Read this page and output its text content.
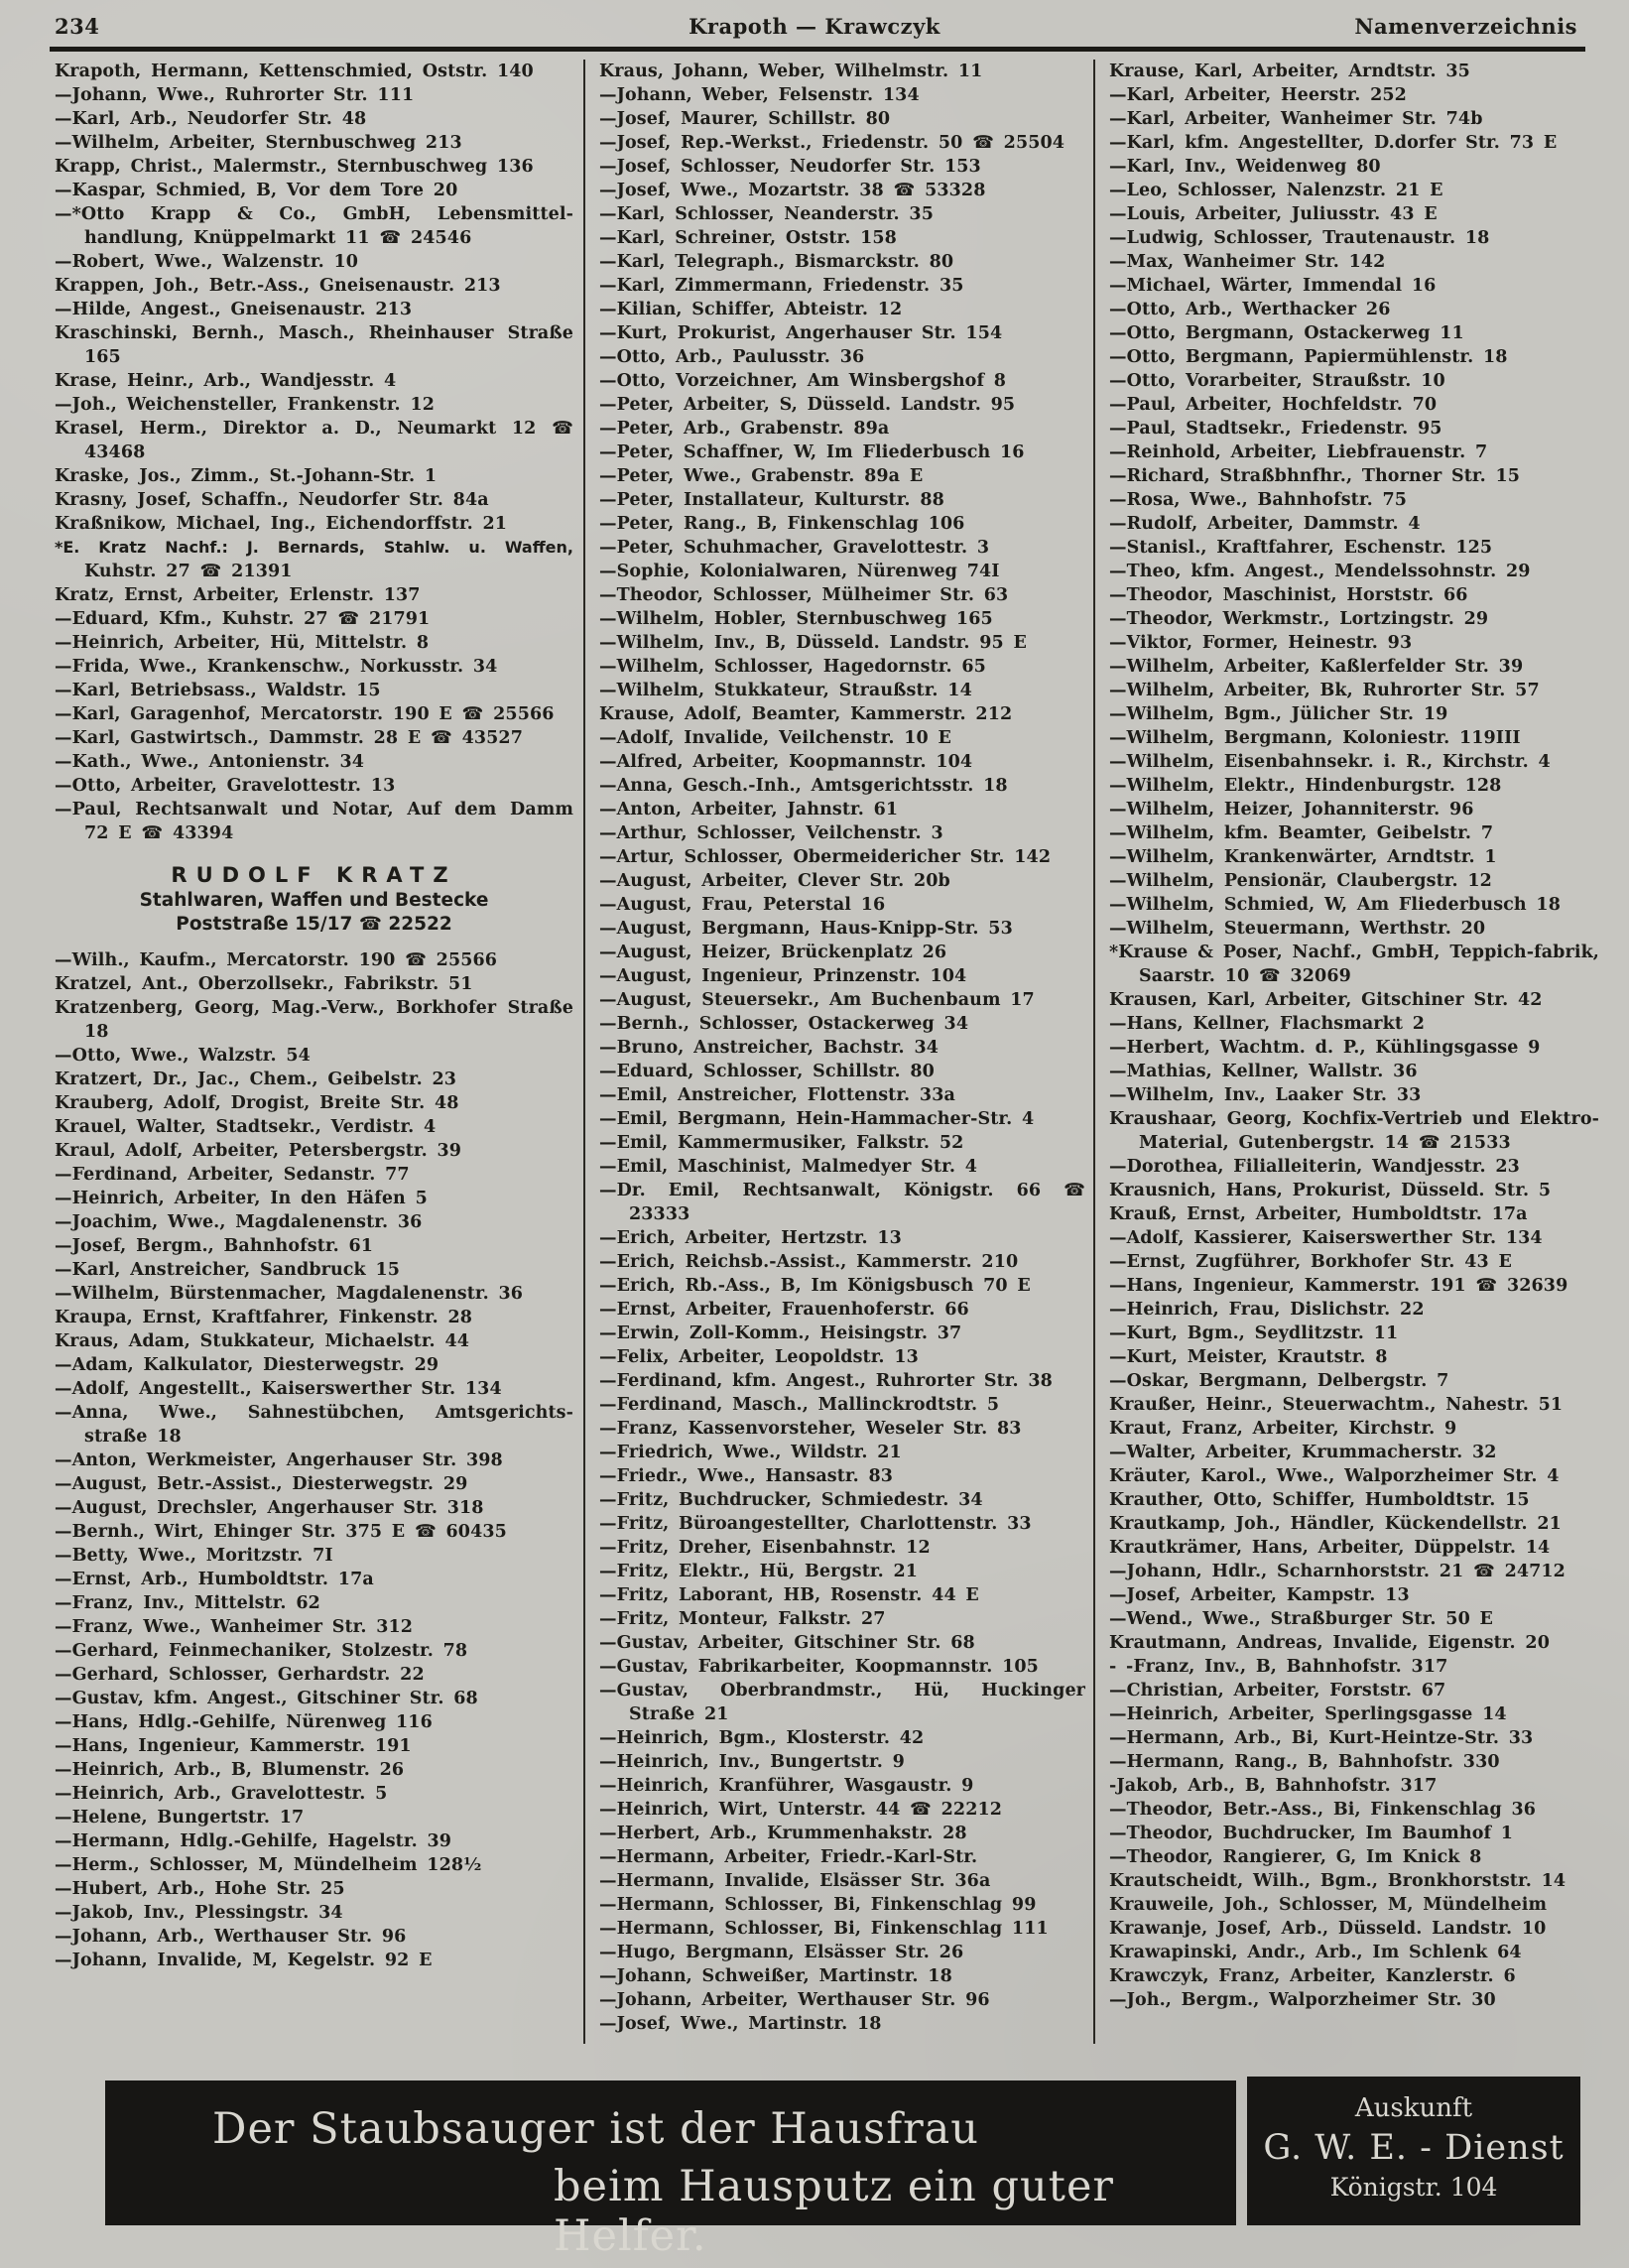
234	Krapoth — Krawczyk	Namenverzeichnis

Krapoth, Hermann, Kettenschmied, Oststr. 140

—Johann, Wwe., Ruhrorter Str. 111

—Karl, Arb., Neudorfer Str. 48

—Wilhelm, Arbeiter, Sternbuschweg 213

Krapp, Christ., Malermstr., Sternbuschweg 136

—Kaspar, Schmied, B, Vor dem Tore 20

—*Otto Krapp & Co., GmbH, Lebensmittel-handlung, Knüppelmarkt 11 ☎ 24546

—Robert, Wwe., Walzenstr. 10

Krappen, Joh., Betr.-Ass., Gneisenaustr. 213

—Hilde, Angest., Gneisenaustr. 213

Kraschinski, Bernh., Masch., Rheinhauser Straße 165

Krase, Heinr., Arb., Wandjesstr. 4

—Joh., Weichensteller, Frankenstr. 12

Krasel, Herm., Direktor a. D., Neumarkt 12 ☎ 43468

Kraske, Jos., Zimm., St.-Johann-Str. 1

Krasny, Josef, Schaffn., Neudorfer Str. 84a

Kraßnikow, Michael, Ing., Eichendorffstr. 21

*E. Kratz Nachf.: J. Bernards, Stahlw. u. Waffen, Kuhstr. 27 ☎ 21391

Kratz, Ernst, Arbeiter, Erlenstr. 137

—Eduard, Kfm., Kuhstr. 27 ☎ 21791

—Heinrich, Arbeiter, Hü, Mittelstr. 8

—Frida, Wwe., Krankenschw., Norkusstr. 34

—Karl, Betriebsass., Waldstr. 15

—Karl, Garagenhof, Mercatorstr. 190 E ☎ 25566

—Karl, Gastwirtsch., Dammstr. 28 E ☎ 43527

—Kath., Wwe., Antonienstr. 34

—Otto, Arbeiter, Gravelottestr. 13

—Paul, Rechtsanwalt und Notar, Auf dem Damm 72 E ☎ 43394

RUDOLF KRATZ
Stahlwaren, Waffen und Bestecke
Poststraße 15/17 ☎ 22522

—Wilh., Kaufm., Mercatorstr. 190 ☎ 25566

Kratzel, Ant., Oberzollsekr., Fabrikstr. 51

Kratzenberg, Georg, Mag.-Verw., Borkhofer Straße 18

—Otto, Wwe., Walzstr. 54

Kratzert, Dr., Jac., Chem., Geibelstr. 23

Krauberg, Adolf, Drogist, Breite Str. 48

Krauel, Walter, Stadtsekr., Verdistr. 4

Kraul, Adolf, Arbeiter, Petersbergstr. 39

—Ferdinand, Arbeiter, Sedanstr. 77

—Heinrich, Arbeiter, In den Häfen 5

—Joachim, Wwe., Magdalenenstr. 36

—Josef, Bergm., Bahnhofstr. 61

—Karl, Anstreicher, Sandbruck 15

—Wilhelm, Bürstenmacher, Magdalenenstr. 36

Kraupa, Ernst, Kraftfahrer, Finkenstr. 28

Kraus, Adam, Stukkateur, Michaelstr. 44

—Adam, Kalkulator, Diesterwegstr. 29

—Adolf, Angestellt., Kaiserswerther Str. 134

—Anna, Wwe., Sahnestübchen, Amtsgerichts-straße 18

—Anton, Werkmeister, Angerhauser Str. 398

—August, Betr.-Assist., Diesterwegstr. 29

—August, Drechsler, Angerhauser Str. 318

—Bernh., Wirt, Ehinger Str. 375 E ☎ 60435

—Betty, Wwe., Moritzstr. 7I

—Ernst, Arb., Humboldtstr. 17a

—Franz, Inv., Mittelstr. 62

—Franz, Wwe., Wanheimer Str. 312

—Gerhard, Feinmechaniker, Stolzestr. 78

—Gerhard, Schlosser, Gerhardstr. 22

—Gustav, kfm. Angest., Gitschiner Str. 68

—Hans, Hdlg.-Gehilfe, Nürenweg 116

—Hans, Ingenieur, Kammerstr. 191

—Heinrich, Arb., B, Blumenstr. 26

—Heinrich, Arb., Gravelottestr. 5

—Helene, Bungertstr. 17

—Hermann, Hdlg.-Gehilfe, Hagelstr. 39

—Herm., Schlosser, M, Mündelheim 128½

—Hubert, Arb., Hohe Str. 25

—Jakob, Inv., Plessingstr. 34

—Johann, Arb., Werthauser Str. 96

—Johann, Invalide, M, Kegelstr. 92 E

Kraus, Johann, Weber, Wilhelmstr. 11

—Johann, Weber, Felsenstr. 134

—Josef, Maurer, Schillstr. 80

—Josef, Rep.-Werkst., Friedenstr. 50 ☎ 25504

—Josef, Schlosser, Neudorfer Str. 153

—Josef, Wwe., Mozartstr. 38 ☎ 53328

—Karl, Schlosser, Neanderstr. 35

—Karl, Schreiner, Oststr. 158

—Karl, Telegraph., Bismarckstr. 80

—Karl, Zimmermann, Friedenstr. 35

—Kilian, Schiffer, Abteistr. 12

—Kurt, Prokurist, Angerhauser Str. 154

—Otto, Arb., Paulusstr. 36

—Otto, Vorzeichner, Am Winsbergshof 8

—Peter, Arbeiter, S, Düsseld. Landstr. 95

—Peter, Arb., Grabenstr. 89a

—Peter, Schaffner, W, Im Fliederbusch 16

—Peter, Wwe., Grabenstr. 89a E

—Peter, Installateur, Kulturstr. 88

—Peter, Rang., B, Finkenschlag 106

—Peter, Schuhmacher, Gravelottestr. 3

—Sophie, Kolonialwaren, Nürenweg 74I

—Theodor, Schlosser, Mülheimer Str. 63

—Wilhelm, Hobler, Sternbuschweg 165

—Wilhelm, Inv., B, Düsseld. Landstr. 95 E

—Wilhelm, Schlosser, Hagedornstr. 65

—Wilhelm, Stukkateur, Straußstr. 14

Krause, Adolf, Beamter, Kammerstr. 212

—Adolf, Invalide, Veilchenstr. 10 E

—Alfred, Arbeiter, Koopmannstr. 104

—Anna, Gesch.-Inh., Amtsgerichtsstr. 18

—Anton, Arbeiter, Jahnstr. 61

—Arthur, Schlosser, Veilchenstr. 3

—Artur, Schlosser, Obermeidericher Str. 142

—August, Arbeiter, Clever Str. 20b

—August, Frau, Peterstal 16

—August, Bergmann, Haus-Knipp-Str. 53

—August, Heizer, Brückenplatz 26

—August, Ingenieur, Prinzenstr. 104

—August, Steuersekr., Am Buchenbaum 17

—Bernh., Schlosser, Ostackerweg 34

—Bruno, Anstreicher, Bachstr. 34

—Eduard, Schlosser, Schillstr. 80

—Emil, Anstreicher, Flottenstr. 33a

—Emil, Bergmann, Hein-Hammacher-Str. 4

—Emil, Kammermusiker, Falkstr. 52

—Emil, Maschinist, Malmedyer Str. 4

—Dr. Emil, Rechtsanwalt, Königstr. 66 ☎ 23333

—Erich, Arbeiter, Hertzstr. 13

—Erich, Reichsb.-Assist., Kammerstr. 210

—Erich, Rb.-Ass., B, Im Königsbusch 70 E

—Ernst, Arbeiter, Frauenhoferstr. 66

—Erwin, Zoll-Komm., Heisingstr. 37

—Felix, Arbeiter, Leopoldstr. 13

—Ferdinand, kfm. Angest., Ruhrorter Str. 38

—Ferdinand, Masch., Mallinckrodtstr. 5

—Franz, Kassenvorsteher, Weseler Str. 83

—Friedrich, Wwe., Wildstr. 21

—Friedr., Wwe., Hansastr. 83

—Fritz, Buchdrucker, Schmiedestr. 34

—Fritz, Büroangestellter, Charlottenstr. 33

—Fritz, Dreher, Eisenbahnstr. 12

—Fritz, Elektr., Hü, Bergstr. 21

—Fritz, Laborant, HB, Rosenstr. 44 E

—Fritz, Monteur, Falkstr. 27

—Gustav, Arbeiter, Gitschiner Str. 68

—Gustav, Fabrikarbeiter, Koopmannstr. 105

—Gustav, Oberbrandmstr., Hü, Huckinger Straße 21

—Heinrich, Bgm., Klosterstr. 42

—Heinrich, Inv., Bungertstr. 9

—Heinrich, Kranführer, Wasgaustr. 9

—Heinrich, Wirt, Unterstr. 44 ☎ 22212

—Herbert, Arb., Krummenhakstr. 28

—Hermann, Arbeiter, Friedr.-Karl-Str.

—Hermann, Invalide, Elsässer Str. 36a

—Hermann, Schlosser, Bi, Finkenschlag 99

—Hermann, Schlosser, Bi, Finkenschlag 111

—Hugo, Bergmann, Elsässer Str. 26

—Johann, Schweißer, Martinstr. 18

—Johann, Arbeiter, Werthauser Str. 96

—Josef, Wwe., Martinstr. 18

Krause, Karl, Arbeiter, Arndtstr. 35

—Karl, Arbeiter, Heerstr. 252

—Karl, Arbeiter, Wanheimer Str. 74b

—Karl, kfm. Angestellter, D.dorfer Str. 73 E

—Karl, Inv., Weidenweg 80

—Leo, Schlosser, Nalenzstr. 21 E

—Louis, Arbeiter, Juliusstr. 43 E

—Ludwig, Schlosser, Trautenaustr. 18

—Max, Wanheimer Str. 142

—Michael, Wärter, Immendal 16

—Otto, Arb., Werthacker 26

—Otto, Bergmann, Ostackerweg 11

—Otto, Bergmann, Papiermühlenstr. 18

—Otto, Vorarbeiter, Straußstr. 10

—Paul, Arbeiter, Hochfeldstr. 70

—Paul, Stadtsekr., Friedenstr. 95

—Reinhold, Arbeiter, Liebfrauenstr. 7

—Richard, Straßbhnfhr., Thorner Str. 15

—Rosa, Wwe., Bahnhofstr. 75

—Rudolf, Arbeiter, Dammstr. 4

—Stanisl., Kraftfahrer, Eschenstr. 125

—Theo, kfm. Angest., Mendelssohnstr. 29

—Theodor, Maschinist, Horststr. 66

—Theodor, Werkmstr., Lortzingstr. 29

—Viktor, Former, Heinestr. 93

—Wilhelm, Arbeiter, Kaßlerfelder Str. 39

—Wilhelm, Arbeiter, Bk, Ruhrorter Str. 57

—Wilhelm, Bgm., Jülicher Str. 19

—Wilhelm, Bergmann, Koloniestr. 119III

—Wilhelm, Eisenbahnsekr. i. R., Kirchstr. 4

—Wilhelm, Elektr., Hindenburgstr. 128

—Wilhelm, Heizer, Johanniterstr. 96

—Wilhelm, kfm. Beamter, Geibelstr. 7

—Wilhelm, Krankenwärter, Arndtstr. 1

—Wilhelm, Pensionär, Claubergstr. 12

—Wilhelm, Schmied, W, Am Fliederbusch 18

—Wilhelm, Steuermann, Werthstr. 20

*Krause & Poser, Nachf., GmbH, Teppich-fabrik, Saarstr. 10 ☎ 32069

Krausen, Karl, Arbeiter, Gitschiner Str. 42

—Hans, Kellner, Flachsmarkt 2

—Herbert, Wachtm. d. P., Kühlingsgasse 9

—Mathias, Kellner, Wallstr. 36

—Wilhelm, Inv., Laaker Str. 33

Kraushaar, Georg, Kochfix-Vertrieb und Elektro-Material, Gutenbergstr. 14 ☎ 21533

—Dorothea, Filialleiterin, Wandjesstr. 23

Krausnich, Hans, Prokurist, Düsseld. Str. 5

Krauß, Ernst, Arbeiter, Humboldtstr. 17a

—Adolf, Kassierer, Kaiserswerther Str. 134

—Ernst, Zugführer, Borkhofer Str. 43 E

—Hans, Ingenieur, Kammerstr. 191 ☎ 32639

—Heinrich, Frau, Dislichstr. 22

—Kurt, Bgm., Seydlitzstr. 11

—Kurt, Meister, Krautstr. 8

—Oskar, Bergmann, Delbergstr. 7

Kraußer, Heinr., Steuerwachtm., Nahestr. 51

Kraut, Franz, Arbeiter, Kirchstr. 9

—Walter, Arbeiter, Krummacherstr. 32

Kräuter, Karol., Wwe., Walporzheimer Str. 4

Krauther, Otto, Schiffer, Humboldtstr. 15

Krautkamp, Joh., Händler, Kückendellstr. 21

Krautkrämer, Hans, Arbeiter, Düppelstr. 14

—Johann, Hdlr., Scharnhorststr. 21 ☎ 24712

—Josef, Arbeiter, Kampstr. 13

—Wend., Wwe., Straßburger Str. 50 E

Krautmann, Andreas, Invalide, Eigenstr. 20

- -Franz, Inv., B, Bahnhofstr. 317

—Christian, Arbeiter, Forststr. 67

—Heinrich, Arbeiter, Sperlingsgasse 14

—Hermann, Arb., Bi, Kurt-Heintze-Str. 33

—Hermann, Rang., B, Bahnhofstr. 330

-Jakob, Arb., B, Bahnhofstr. 317

—Theodor, Betr.-Ass., Bi, Finkenschlag 36

—Theodor, Buchdrucker, Im Baumhof 1

—Theodor, Rangierer, G, Im Knick 8

Krautscheidt, Wilh., Bgm., Bronkhorststr. 14

Krauweile, Joh., Schlosser, M, Mündelheim

Krawanje, Josef, Arb., Düsseld. Landstr. 10

Krawapinski, Andr., Arb., Im Schlenk 64

Krawczyk, Franz, Arbeiter, Kanzlerstr. 6

—Joh., Bergm., Walporzheimer Str. 30

Der Staubsauger ist der Hausfrau
beim Hausputz ein guter Helfer.
Auskunft
G. W. E. - Dienst
Königstr. 104
